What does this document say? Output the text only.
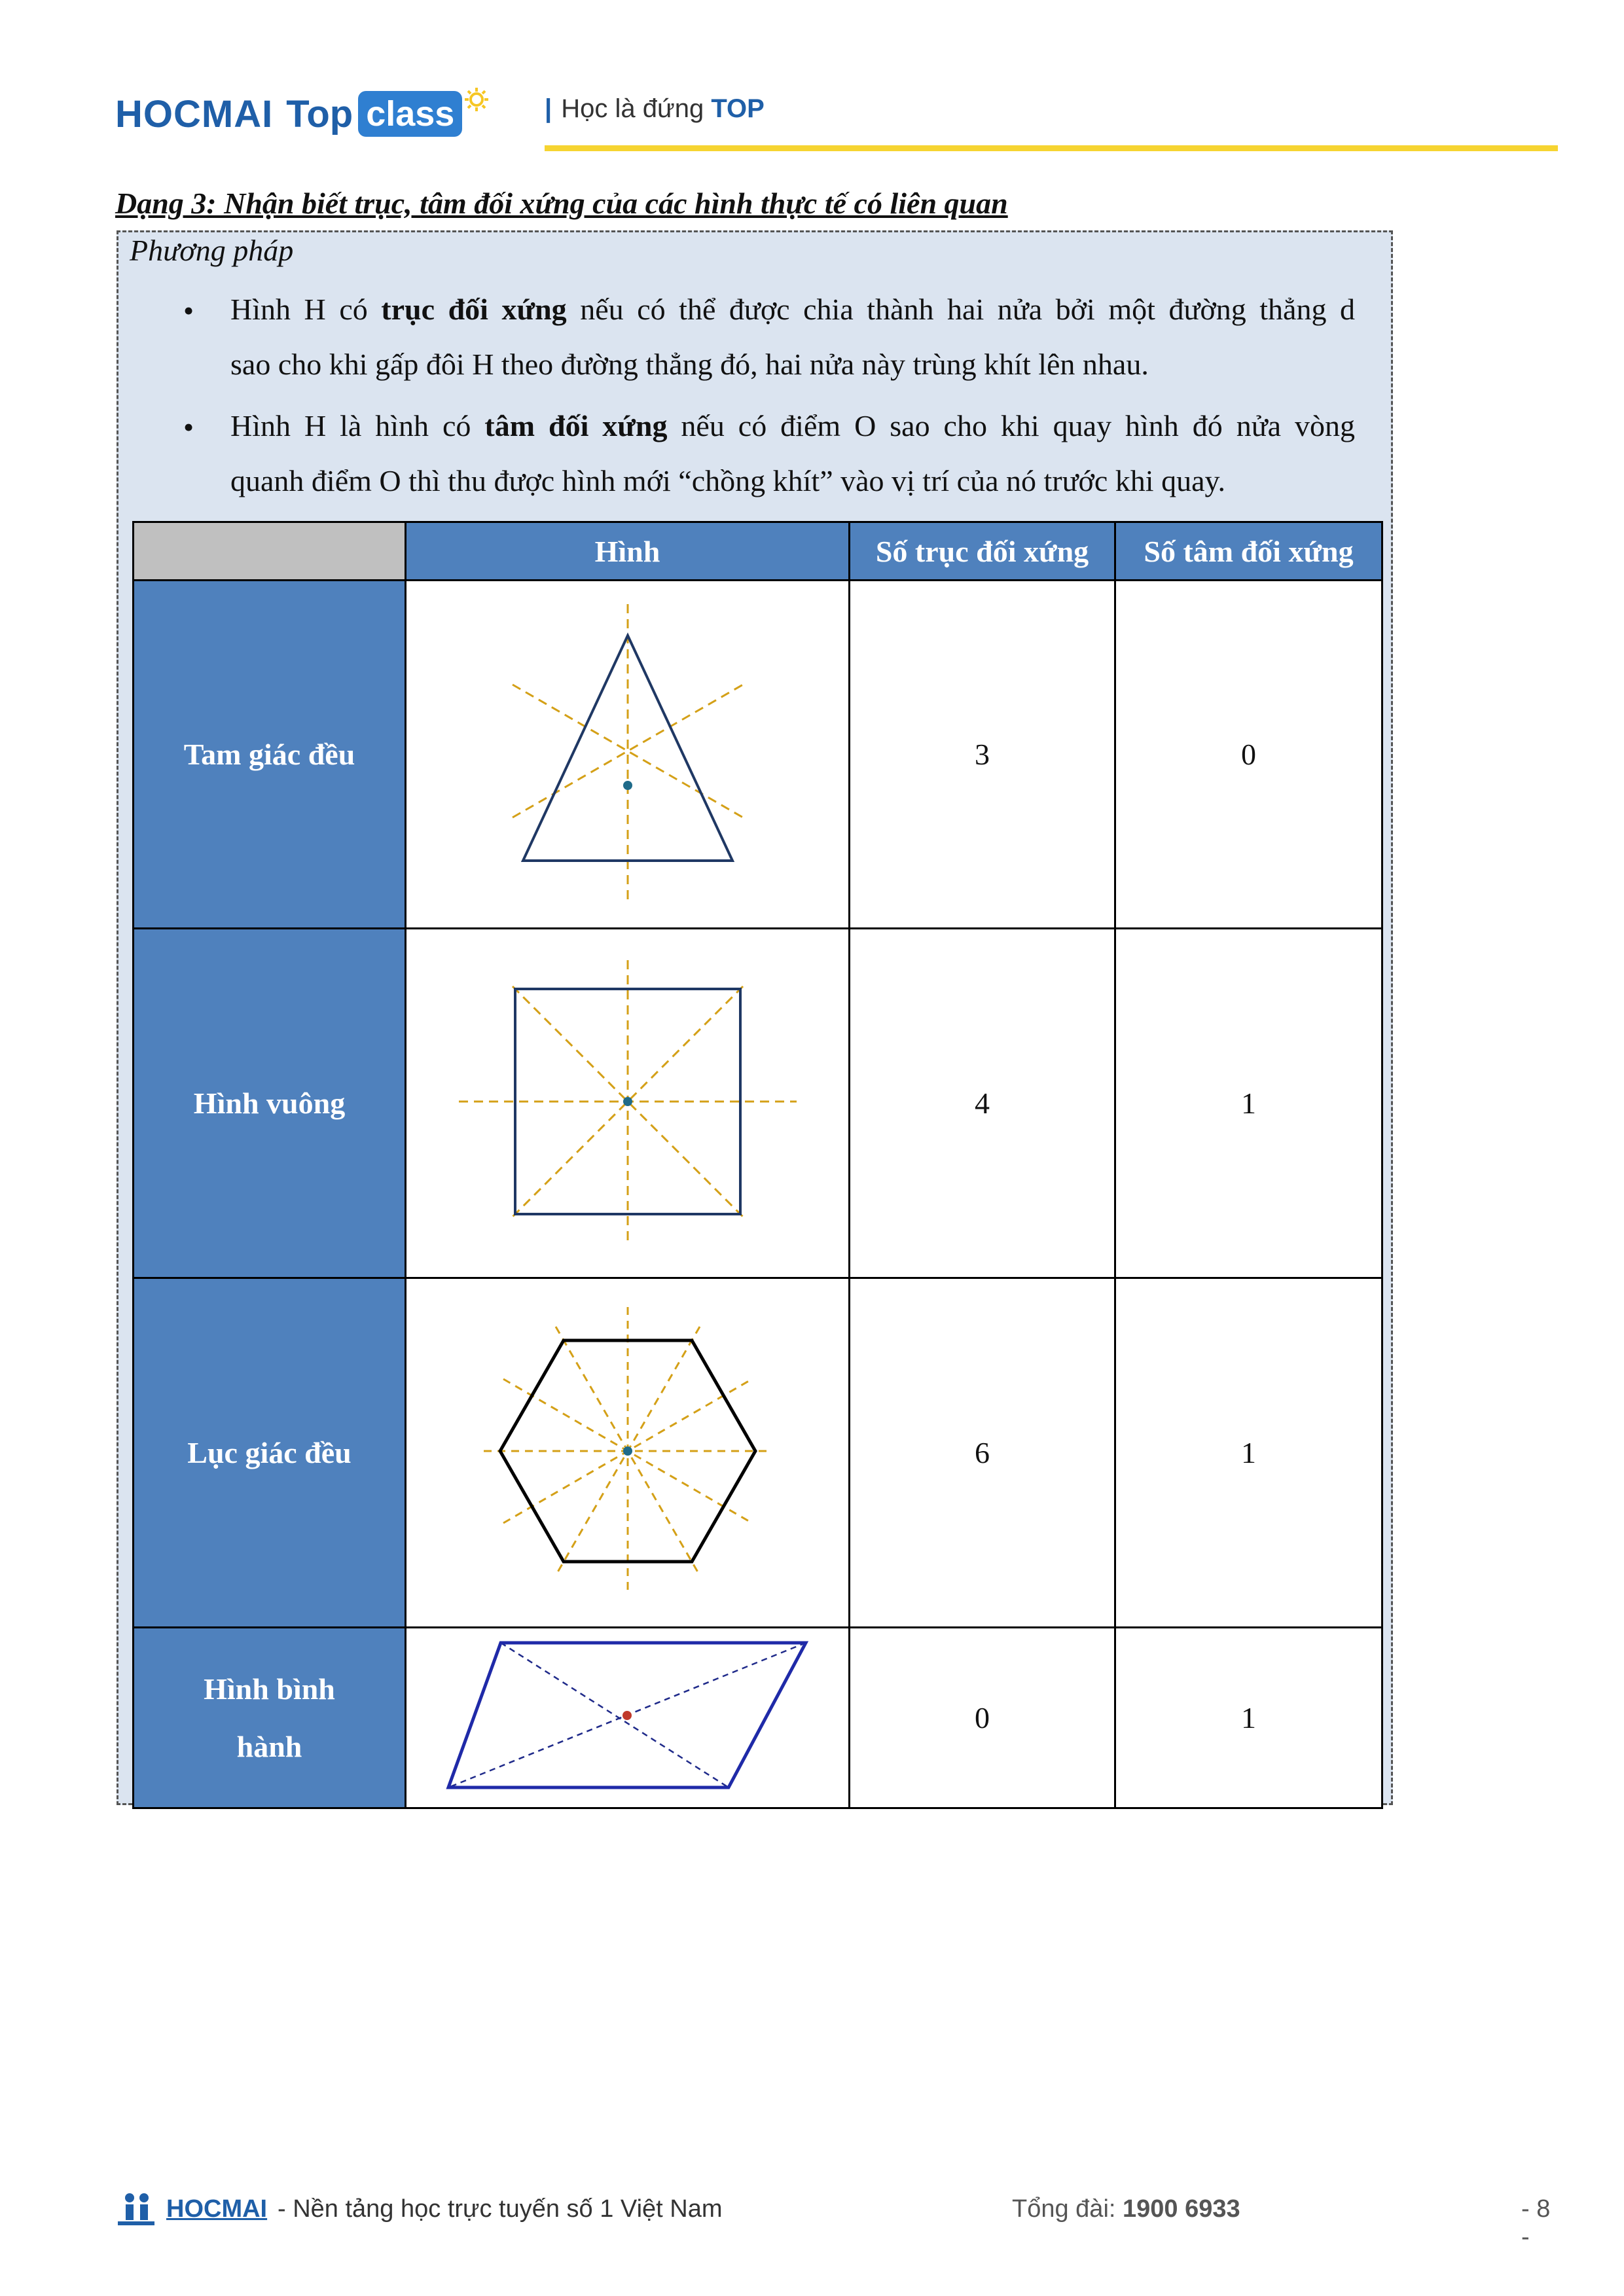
HOCMAI Top class	| Học là đứng TOP
Dạng 3: Nhận biết trục, tâm đối xứng của các hình thực tế có liên quan
Phương pháp
• Hình H có trục đối xứng nếu có thể được chia thành hai nửa bởi một đường thẳng d
sao cho khi gấp đôi H theo đường thẳng đó, hai nửa này trùng khít lên nhau.
• Hình H là hình có tâm đối xứng nếu có điểm O sao cho khi quay hình đó nửa vòng
quanh điểm O thì thu được hình mới “chồng khít” vào vị trí của nó trước khi quay.
	Hình	Số trục đối xứng	Số tâm đối xứng
Tam giác đều		3	0
Hình vuông		4	1
Lục giác đều		6	1

Hình bình
hành		0	1
HOCMAI - Nền tảng học trực tuyến số 1 Việt Nam	Tổng đài: 1900 6933	- 8 -
